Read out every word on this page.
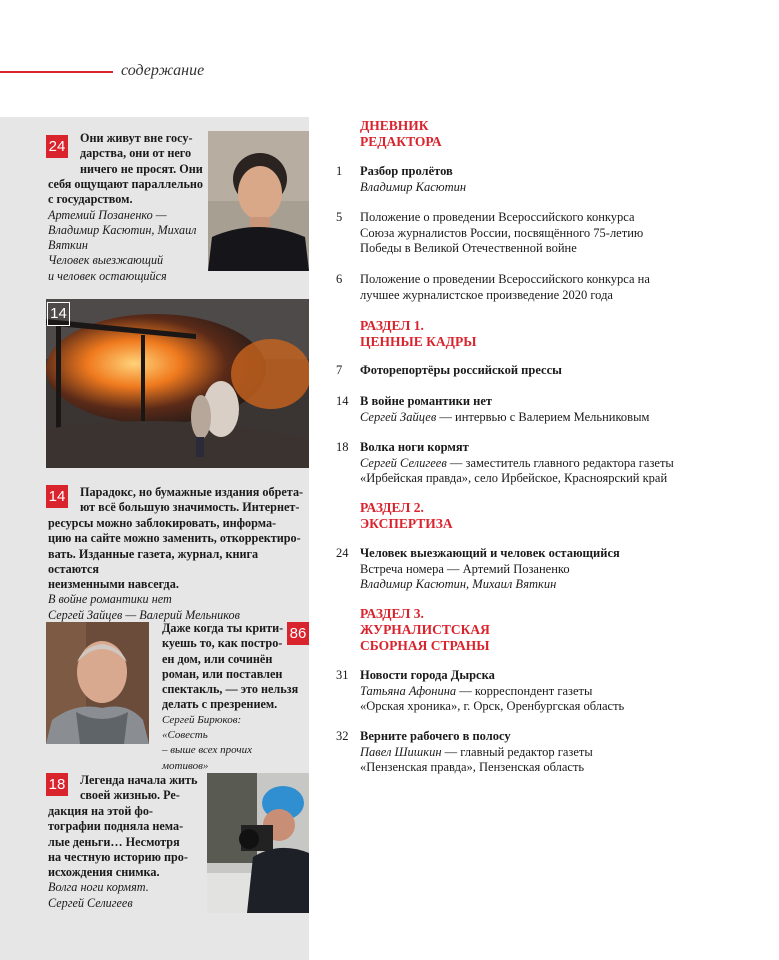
содержание
24 Они живут вне госу-
дарства, они от него
ничего не просят. Они
себя ощущают параллельно
с государством.
Артемий Позаненко —
Владимир Касютин, Михаил
Вяткин
Человек выезжающий
и человек остающийся
14
14 Парадокс, но бумажные издания обрета-
ют всё большую значимость. Интернет-
ресурсы можно заблокировать, информа-
цию на сайте можно заменить, откорректиро-
вать. Изданные газета, журнал, книга остаются
неизменными навсегда.
В войне романтики нет
Сергей Зайцев — Валерий Мельников
Даже когда ты крити-
куешь то, как постро-
ен дом, или сочинён
роман, или поставлен
спектакль, — это нельзя
делать с презрением.
Сергей Бирюков: «Совесть
– выше всех прочих
мотивов»
86
18 Легенда начала жить
своей жизнью. Ре-
дакция на этой фо-
тографии подняла нема-
лые деньги… Несмотря
на честную историю про-
исхождения снимка.
Волга ноги кормят.
Сергей Селигеев
ДНЕВНИК
РЕДАКТОРА
1 Разбор пролётов
Владимир Касютин
5 Положение о проведении Всероссийского конкурса
Союза журналистов России, посвящённого 75-летию
Победы в Великой Отечественной войне
6 Положение о проведении Всероссийского конкурса на
лучшее журналистское произведение 2020 года
РАЗДЕЛ 1.
ЦЕННЫЕ КАДРЫ
7 Фоторепортёры российской прессы
14 В войне романтики нет
Сергей Зайцев — интервью с Валерием Мельниковым
18 Волка ноги кормят
Сергей Селигеев — заместитель главного редактора газеты
«Ирбейская правда», село Ирбейское, Красноярский край
РАЗДЕЛ 2.
ЭКСПЕРТИЗА
24 Человек выезжающий и человек остающийся
Встреча номера — Артемий Позаненко
Владимир Касютин, Михаил Вяткин
РАЗДЕЛ 3.
ЖУРНАЛИСТСКАЯ
СБОРНАЯ СТРАНЫ
31 Новости города Дырска
Татьяна Афонина — корреспондент газеты
«Орская хроника», г. Орск, Оренбургская область
32 Верните рабочего в полосу
Павел Шишкин — главный редактор газеты
«Пензенская правда», Пензенская область
